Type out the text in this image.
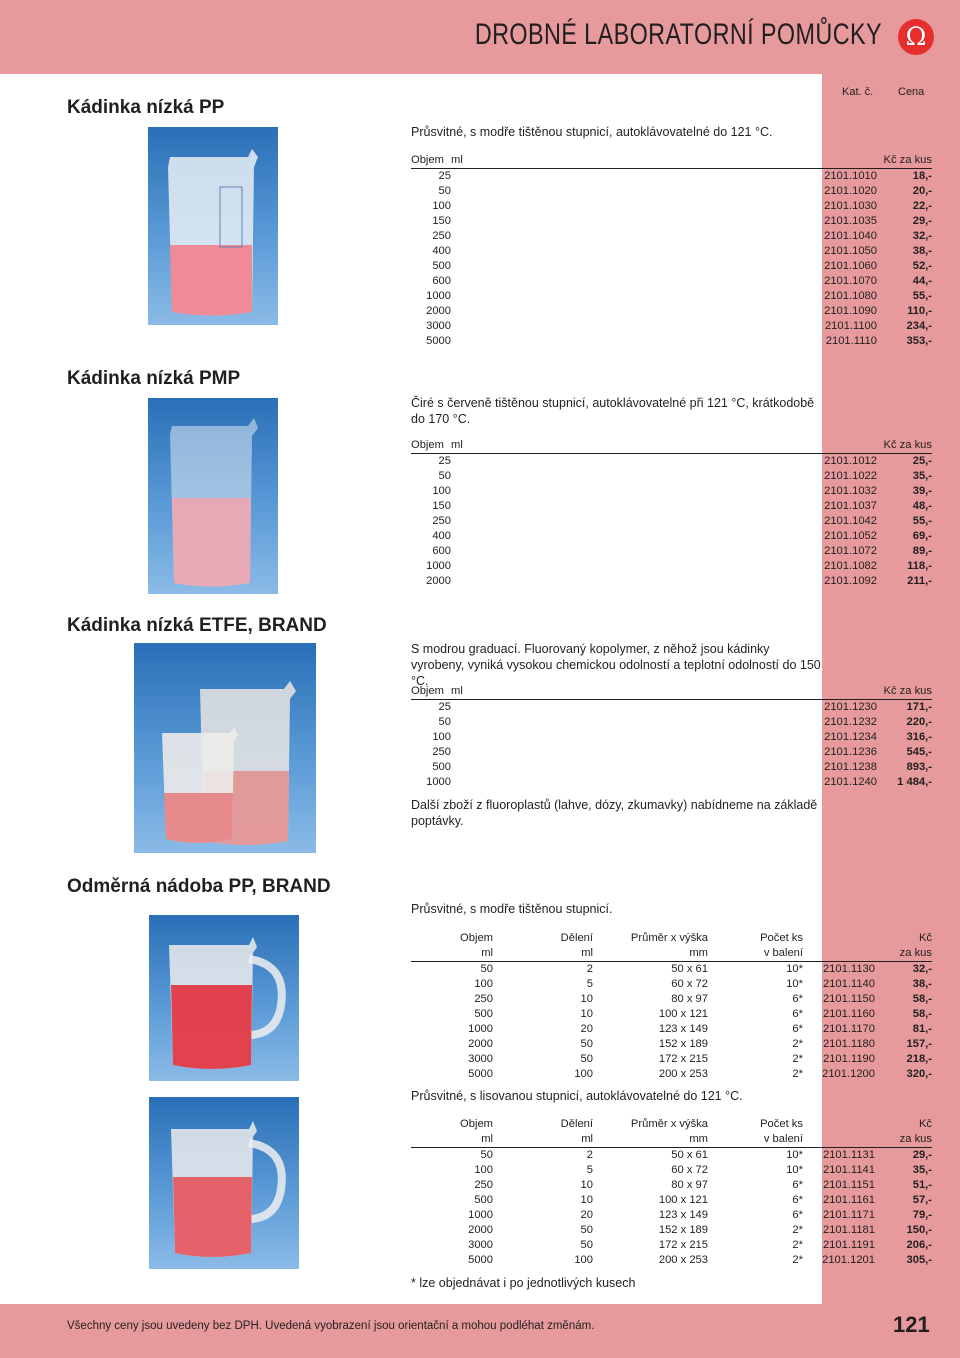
DROBNÉ LABORATORNÍ POMŮCKY Ω
Kat. č. Cena
Kádinka nízká PP
Průsvitné, s modře tištěnou stupnicí, autoklávovatelné do 121 °C.
Objem	ml			Kč za kus
25			2101.1010	18,-
50			2101.1020	20,-
100			2101.1030	22,-
150			2101.1035	29,-
250			2101.1040	32,-
400			2101.1050	38,-
500			2101.1060	52,-
600			2101.1070	44,-
1000			2101.1080	55,-
2000			2101.1090	110,-
3000			2101.1100	234,-
5000			2101.1110	353,-
Kádinka nízká PMP
Čiré s červeně tištěnou stupnicí, autoklávovatelné při 121 °C, krátkodobě do 170 °C.
Objem	ml			Kč za kus
25			2101.1012	25,-
50			2101.1022	35,-
100			2101.1032	39,-
150			2101.1037	48,-
250			2101.1042	55,-
400			2101.1052	69,-
600			2101.1072	89,-
1000			2101.1082	118,-
2000			2101.1092	211,-
Kádinka nízká ETFE, BRAND
S modrou graduací. Fluorovaný kopolymer, z něhož jsou kádinky vyrobeny, vyniká vysokou chemickou odolností a teplotní odolností do 150 °C.
Objem	ml			Kč za kus
25			2101.1230	171,-
50			2101.1232	220,-
100			2101.1234	316,-
250			2101.1236	545,-
500			2101.1238	893,-
1000			2101.1240	1 484,-
Další zboží z fluoroplastů (lahve, dózy, zkumavky) nabídneme na základě poptávky.
Odměrná nádoba PP, BRAND
Průsvitné, s modře tištěnou stupnicí.
Objem	Dělení	Průměr x výška	Počet ks		Kč
ml	ml	mm	v balení		za kus
50	2	50 x 61	10*	2101.1130	32,-
100	5	60 x 72	10*	2101.1140	38,-
250	10	80 x 97	6*	2101.1150	58,-
500	10	100 x 121	6*	2101.1160	58,-
1000	20	123 x 149	6*	2101.1170	81,-
2000	50	152 x 189	2*	2101.1180	157,-
3000	50	172 x 215	2*	2101.1190	218,-
5000	100	200 x 253	2*	2101.1200	320,-
Průsvitné, s lisovanou stupnicí, autoklávovatelné do 121 °C.
Objem	Dělení	Průměr x výška	Počet ks		Kč
ml	ml	mm	v balení		za kus
50	2	50 x 61	10*	2101.1131	29,-
100	5	60 x 72	10*	2101.1141	35,-
250	10	80 x 97	6*	2101.1151	51,-
500	10	100 x 121	6*	2101.1161	57,-
1000	20	123 x 149	6*	2101.1171	79,-
2000	50	152 x 189	2*	2101.1181	150,-
3000	50	172 x 215	2*	2101.1191	206,-
5000	100	200 x 253	2*	2101.1201	305,-
* lze objednávat i po jednotlivých kusech
Všechny ceny jsou uvedeny bez DPH. Uvedená vyobrazení jsou orientační a mohou podléhat změnám.	121
